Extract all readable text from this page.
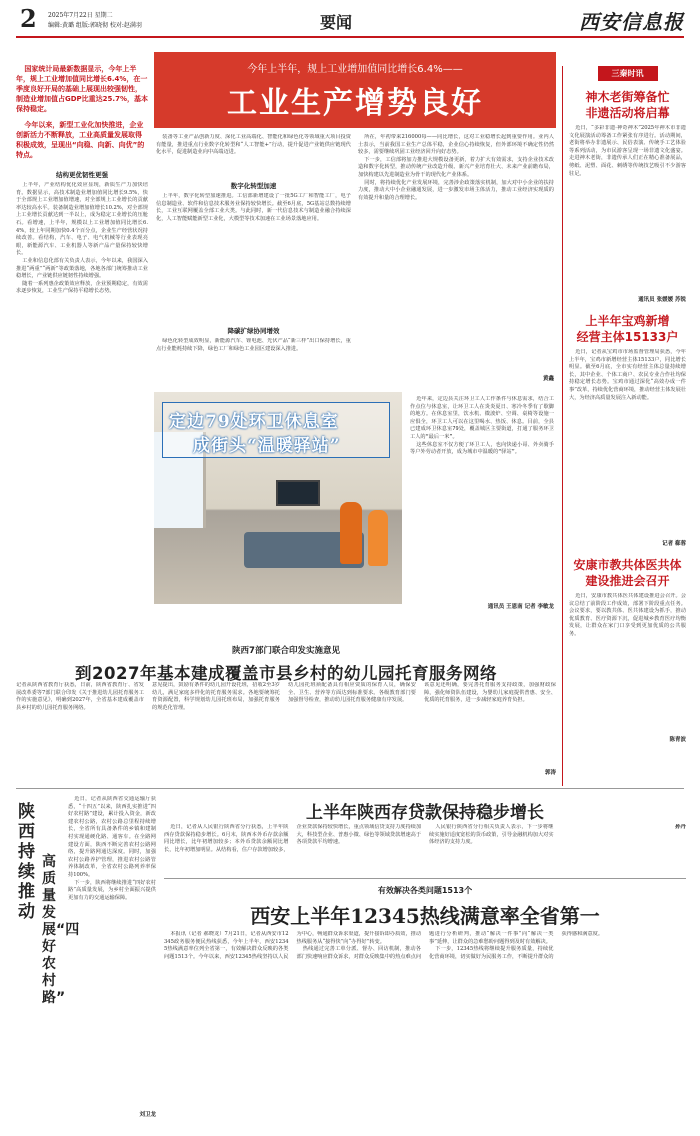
2 2025年7月22日 星期二
编辑:黄璐 组版:郭晓彻 校对:赵满羽	要闻	西安信息报
国家统计局最新数据显示，今年上半年，规上工业增加值同比增长6.4%，在一季度良好开局的基础上展现出较强韧性，制造业增加值占GDP比重达25.7%，基本保持稳定。
今年以来，新型工业化加快推进，企业创新活力不断释放，工业高质量发展取得积极成效，呈现出“向稳、向新、向优”的特点。
结构更优韧性更强

上半年，产业结构优化效应显现，新质生产力加快培育。数据显示，高技术制造业增加值同比增长9.5%，快于全部规上工业增加值增速，对全部规上工业增长的贡献率达较高水平。装备制造业增加值增长10.2%，对全部规上工业增长贡献达到一半以上，成为稳定工业增长的压舱石。看增速，上半年，规模以上工业增加值同比增长6.4%，较上年同期加快0.4个百分点，企业生产经营状况持续改善。看结构，汽车、电子、电气机械等行业表现亮眼，新能源汽车、工业机器人等新产品产量保持较快增长。

工业和信息化部有关负责人表示，今年以来，我国深入推进“两重”“两新”等政策落地，各地各部门统筹推动工业稳增长，产业链供应链韧性持续增强。

随着一系列惠企政策效应释放，企业预期稳定，有效需求逐步恢复，工业生产保持平稳增长态势。

今年上半年，规上工业增加值同比增长6.4%——
工业生产增势良好

装备等工业产品创新力度、深化工业高端化、智能化和绿色化等领域重大项目投资有能量，推进重点行业数字化转型和“人工智能+”行动，提升促进产业链供应链现代化水平，促进制造业向中高端迈进。

数字化转型加速

上半年，数字化转型加速推进。工信部新增建设了一批5G工厂和智能工厂，电子信息制造业、软件和信息技术服务业保持较快增长。截至6月底，5G基站总数持续增长，工业互联网覆盖全部工业大类。与此同时，新一代信息技术与制造业融合持续深化，人工智能赋能新型工业化，大模型等技术加速在工业场景落地应用。

降碳扩绿协同增效

绿色化转型成效明显，新能源汽车、锂电池、光伏产品“新三样”出口保持增长，重点行业能耗持续下降，绿色工厂和绿色工业园区建设深入推进。

所在，年初带来216000每——同比增长，这对工业稳增长起到重要作用。业内人士表示，当前我国工业生产总体平稳，企业信心持续恢复，但外部环境不确定性仍然较多，需要继续巩固工业经济回升向好态势。

下一步，工信部将加力推进大规模设备更新，着力扩大有效需求，支持企业技术改造和数字化转型，推动传统产业改造升级、新兴产业培育壮大、未来产业前瞻布局，加快构建以先进制造业为骨干的现代化产业体系。

同时，将持续优化产业发展环境，完善涉企政策落实机制，加大对中小企业的扶持力度，推动大中小企业融通发展，进一步激发市场主体活力，推动工业经济实现质的有效提升和量的合理增长。

黄鑫
定边79处环卫休息室
成街头“温暖驿站”

近年来，定边县关注环卫工人工作条件与休息需求，结合工作点位与休息室，让环卫工人在炎炎夏日、寒冷冬季有了歇脚的地方。在休息室里，饮水机、微波炉、空调、桌椅等设施一应俱全，环卫工人可以在这里喝水、热饭、休息。目前，全县已建成环卫休息室79处，覆盖城区主要街道，打通了服务环卫工人的“最后一米”。

这些休息室不仅方便了环卫工人，也向快递小哥、外卖骑手等户外劳动者开放，成为城市中温暖的“驿站”。

通讯员 王恩南 记者 李敏龙
陕西7部门联合印发实施意见
到2027年基本建成覆盖市县乡村的幼儿园托育服务网络
记者从陕西省教育厅获悉，日前，陕西省教育厅、省发展改革委等7部门联合印发《关于推进幼儿园托育服务工作的实施意见》，明确到2027年，全省基本建成覆盖市县乡村的幼儿园托育服务网络。
意见提出，鼓励有条件的幼儿园开设托班，招收2至3岁幼儿，满足家庭多样化的托育服务需求。各地要统筹托育资源配置，科学规划幼儿园托班布局，加强托育服务的规范化管理。
幼儿园托班须配备具有相应资质的保育人员，确保安全、卫生、营养等方面达到标准要求。各级教育部门要加强督导检查，推动幼儿园托育服务健康有序发展。
该意见还明确，要完善托育服务支持政策，加强财政保障，强化师资队伍建设，为婴幼儿家庭提供普惠、安全、优质的托育服务，进一步减轻家庭养育负担。
郭涛
三秦时讯
神木老街筹备忙
非遗活动将启幕
近日，“多彩非遗·神奇神木”2025年神木市非遗文化展演活动筹备工作紧张有序进行。活动期间，老街将举办非遗展示、民俗表演、传统手工艺体验等系列活动，为市民游客呈现一场非遗文化盛宴。走进神木老街，非遗传承人们正在精心准备展品，剪纸、泥塑、面花、刺绣等传统技艺吸引不少游客驻足。
通讯员 张媛媛 苏锐
上半年宝鸡新增
经营主体15133户
近日，记者从宝鸡市市场监督管理局获悉，今年上半年，宝鸡市新增经营主体15133户，同比增长明显。截至6月底，全市实有经营主体总量持续增长，其中企业、个体工商户、农民专业合作社均保持稳定增长态势。宝鸡市通过深化“高效办成一件事”改革，持续优化营商环境，推动经营主体发展壮大，为经济高质量发展注入新动能。
记者 郗蓉
安康市教共体医共体
建设推进会召开
近日，安康市教共体医共体建设推进会召开。会议总结了前阶段工作成效，部署下阶段重点任务。会议要求，要以教共体、医共体建设为抓手，推动优质教育、医疗资源下沉，促进城乡教育医疗均衡发展，让群众在家门口享受到更加优质的公共服务。
陈青波
陕西持续推动
高质量发展“四好农村路”

近日，记者从陕西省交通运输厅获悉，“十四五”以来，陕西扎实推进“四好农村路”建设，累计投入资金，新改建农村公路，农村公路总里程持续增长，全省所有具备条件的乡镇和建制村实现通硬化路、通客车。在全路网建设方面，陕西不断完善农村公路网络，提升路网通达深度。同时，加强农村公路养护管理，推进农村公路管养体制改革，全省农村公路列养率保持100%。

下一步，陕西将继续推进“四好农村路”高质量发展，为乡村全面振兴提供更加有力的交通运输保障。

刘卫龙
上半年陕西存贷款保持稳步增长

近日，记者从人民银行陕西省分行获悉，上半年陕西存贷款保持稳步增长。6月末，陕西本外币存款余额同比增长，比年初增加较多；本外币贷款余额同比增长，比年初增加明显。从结构看，住户存款增加较多，企业贷款保持较快增长，重点领域信贷支持力度持续加大，科技型企业、普惠小微、绿色等领域贷款增速高于各项贷款平均增速。

人民银行陕西省分行相关负责人表示，下一步将继续实施好适度宽松的货币政策，引导金融机构加大对实体经济的支持力度。

孙丹
有效解决各类问题1513个
西安上半年12345热线满意率全省第一

本报讯（记者 郝晓龙）7月21日，记者从西安市12345政务服务便民热线获悉，今年上半年，西安12345热线满意率位列全省第一，有效解决群众反映的各类问题1513个。今年以来，西安12345热线坚持以人民为中心，畅通群众诉求渠道，提升接诉即办质效，推动热线服务从“接得快”向“办得好”转变。

热线通过完善工单分派、督办、回访机制，推动各部门快速响应群众诉求，对群众反映集中的热点难点问题进行分析研判，推动“解决一件事”向“解决一类事”延伸，让群众的急难愁盼问题得到及时有效解决。

下一步，12345热线将继续提升服务质量，持续优化营商环境，切实做好为民服务工作，不断提升群众的获得感和满意度。
